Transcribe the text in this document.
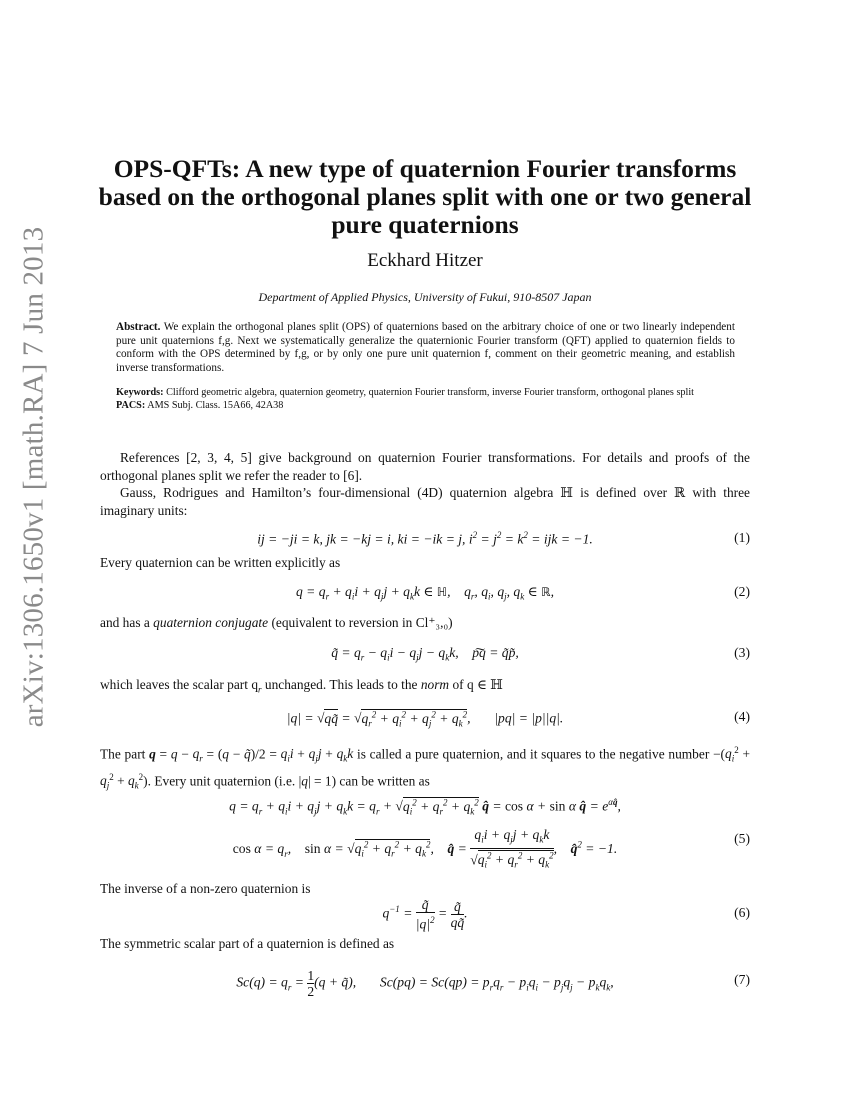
arXiv:1306.1650v1 [math.RA] 7 Jun 2013
OPS-QFTs: A new type of quaternion Fourier transforms
based on the orthogonal planes split with one or two general
pure quaternions
Eckhard Hitzer
Department of Applied Physics, University of Fukui, 910-8507 Japan
Abstract. We explain the orthogonal planes split (OPS) of quaternions based on the arbitrary choice of one or two linearly independent pure unit quaternions f,g. Next we systematically generalize the quaternionic Fourier transform (QFT) applied to quaternion fields to conform with the OPS determined by f,g, or by only one pure unit quaternion f, comment on their geometric meaning, and establish inverse transformations.
Keywords: Clifford geometric algebra, quaternion geometry, quaternion Fourier transform, inverse Fourier transform, orthogonal planes split
PACS: AMS Subj. Class. 15A66, 42A38
References [2, 3, 4, 5] give background on quaternion Fourier transformations. For details and proofs of the orthogonal planes split we refer the reader to [6].
Gauss, Rodrigues and Hamilton’s four-dimensional (4D) quaternion algebra ℍ is defined over ℝ with three imaginary units:
ij = −ji = k, jk = −kj = i, ki = −ik = j, $i^2 = j^2 = k^2$ = ijk = −1.	(1)
Every quaternion can be written explicitly as
$q = q_r + q_ii + q_jj + q_kk$ ∈ ℍ,    $q_r$, $q_i$, $q_j$, $q_k$ ∈ ℝ,	(2)
and has a quaternion conjugate (equivalent to reversion in Cl⁺₃,₀)
q̃ = $q_r - q_ii - q_jj - q_kk$,    p͠q = q̃p̃,	(3)
which leaves the scalar part $q_r$ unchanged. This leads to the norm of q ∈ ℍ
|q| = √qq̃ = $√q_r^2 + q_i^2 + q_j^2 + q_k^2$,       |pq| = |p||q|.	(4)
The part $q = q - q_r = (q$ − q̃)/2 = $q_ii + q_jj + q_kk$ is called a pure quaternion, and it squares to the negative number $-(q_i^2 + q_j^2 + q_k^2)$. Every unit quaternion (i.e. |q| = 1) can be written as
$q = q_r + q_ii + q_jj + q_kk = q_r + √q_i^2 + q_r^2 + q_k^2$ q̂ = cos α + sin α q̂ = $e^{\alpha q̂}$,
$\cos \alpha = q_r$,    $\sin \alpha = √q_i^2 + q_r^2 + q_k^2$,    q̂ = $\frac{q_ii + q_jj + q_kk}{√q_i^2 + q_r^2 + q_k^2}$ ,    q̂$^2$ = −1.
(5)
The inverse of a non-zero quaternion is
$q^{-1} = \frac{q̃}{|q|^2} = \frac{q̃}{qq̃}$ .	(6)
The symmetric scalar part of a quaternion is defined as
$Sc(q) = q_r = \frac{1}{2} (q$ + q̃),       $Sc(pq) = Sc(qp) = p_rq_r - p_iq_i - p_jq_j - p_kq_k$,	(7)
